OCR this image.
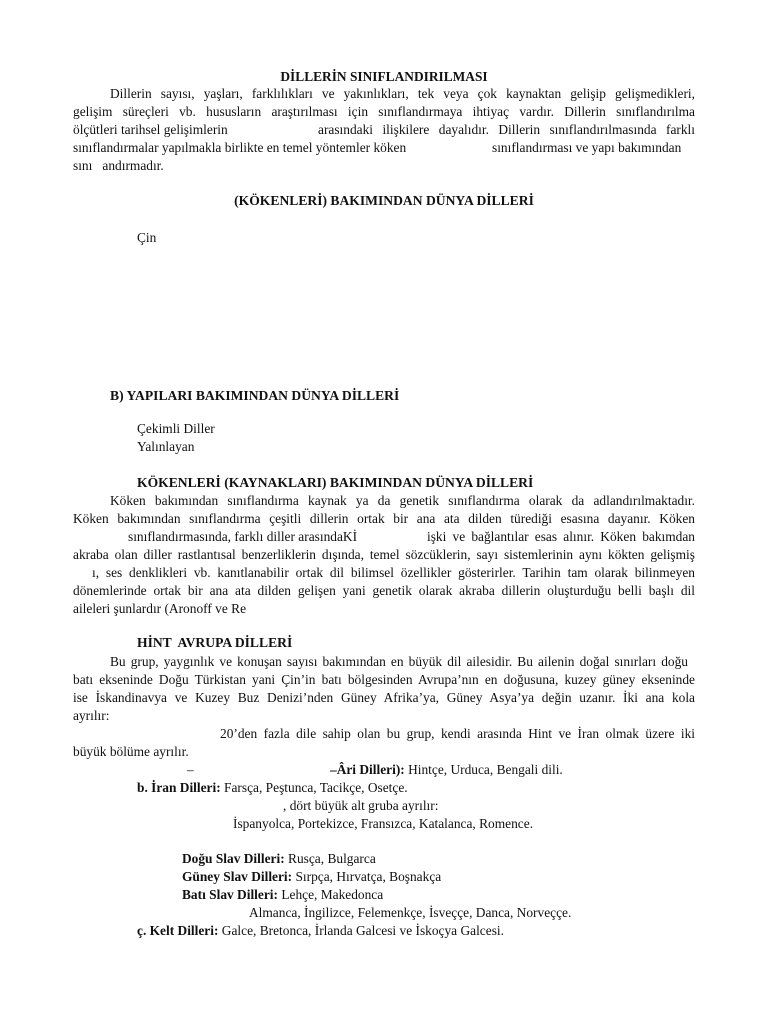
DİLLERİN SINIFLANDIRILMASI
Dillerin sayısı, yaşları, farklılıkları ve yakınlıkları, tek veya çok kaynaktan gelişip gelişmedikleri,
gelişim süreçleri vb. hususların araştırılması için sınıflandırmaya ihtiyaç vardır. Dillerin sınıflandırılma
ölçütleri tarihsel gelişimlerin	arasındaki ilişkilere dayalıdır. Dillerin sınıflandırılmasında farklı
sınıflandırmalar yapılmakla birlikte en temel yöntemler köken	sınıflandırması ve yapı bakımından
sını   andırmadır.
(KÖKENLERİ) BAKIMINDAN DÜNYA DİLLERİ
Çin
B) YAPILARI BAKIMINDAN DÜNYA DİLLERİ
Çekimli Diller
Yalınlayan
KÖKENLERİ (KAYNAKLARI) BAKIMINDAN DÜNYA DİLLERİ
Köken bakımından sınıflandırma kaynak ya da genetik sınıflandırma olarak da adlandırılmaktadır.
Köken bakımından sınıflandırma çeşitli dillerin ortak bir ana ata dilden türediği esasına dayanır. Köken
sınıflandırmasında, farklı diller arasındaKİ	işki ve bağlantılar esas alınır. Köken bakımdan
akraba olan diller rastlantısal benzerliklerin dışında, temel sözcüklerin, sayı sistemlerinin aynı kökten gelişmiş
ı, ses denklikleri vb. kanıtlanabilir ortak dil bilimsel özellikler gösterirler. Tarihin tam olarak bilinmeyen
dönemlerinde ortak bir ana ata dilden gelişen yani genetik olarak akraba dillerin oluşturduğu belli başlı dil
aileleri şunlardır (Aronoff ve Re
HİNT  AVRUPA DİLLERİ
Bu grup, yaygınlık ve konuşan sayısı bakımından en büyük dil ailesidir. Bu ailenin doğal sınırları doğu
batı ekseninde Doğu Türkistan yani Çin’in batı bölgesinden Avrupa’nın en doğusuna, kuzey güney ekseninde
ise İskandinavya ve Kuzey Buz Denizi’nden Güney Afrika’ya, Güney Asya’ya değin uzanır. İki ana kola
ayrılır:
20’den fazla dile sahip olan bu grup, kendi arasında Hint ve İran olmak üzere iki
büyük bölüme ayrılır.
–	–Âri Dilleri): Hintçe, Urduca, Bengali dili.
b. İran Dilleri: Farsça, Peştunca, Tacikçe, Osetçe.
, dört büyük alt gruba ayrılır:
İspanyolca, Portekizce, Fransızca, Katalanca, Romence.
Doğu Slav Dilleri: Rusça, Bulgarca
Güney Slav Dilleri: Sırpça, Hırvatça, Boşnakça
Batı Slav Dilleri: Lehçe, Makedonca
Almanca, İngilizce, Felemenkçe, İsveççe, Danca, Norveççe.
ç. Kelt Dilleri: Galce, Bretonca, İrlanda Galcesi ve İskoçya Galcesi.
